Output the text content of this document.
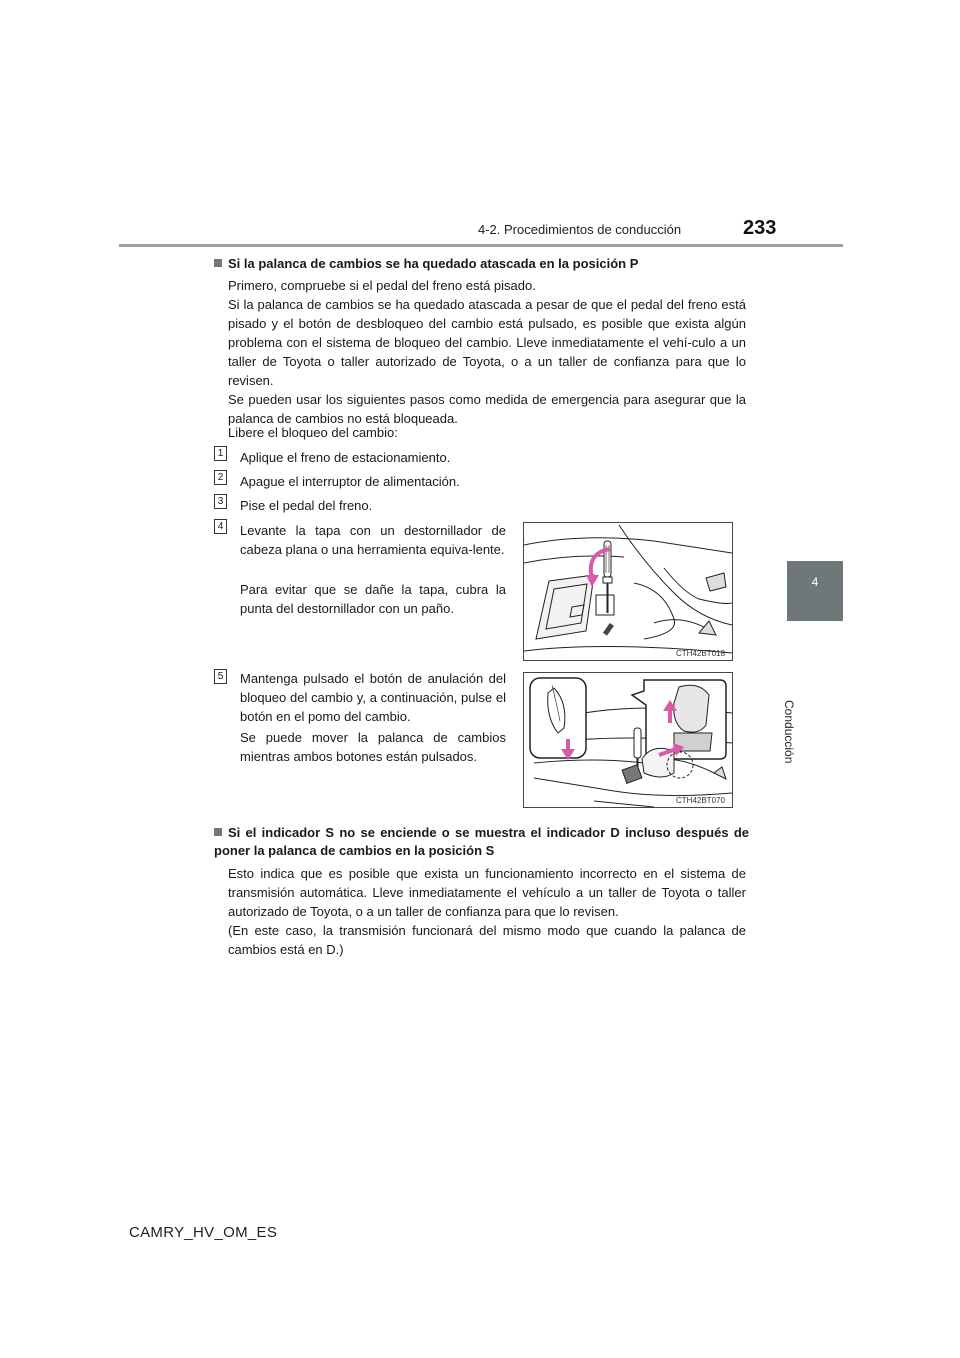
4-2. Procedimientos de conducción	233
4
Conducción
Si la palanca de cambios se ha quedado atascada en la posición P
Primero, compruebe si el pedal del freno está pisado.
Si la palanca de cambios se ha quedado atascada a pesar de que el pedal del freno está pisado y el botón de desbloqueo del cambio está pulsado, es posible que exista algún problema con el sistema de bloqueo del cambio. Lleve inmediatamente el vehí-culo a un taller de Toyota o taller autorizado de Toyota, o a un taller de confianza para que lo revisen.
Se pueden usar los siguientes pasos como medida de emergencia para asegurar que la palanca de cambios no está bloqueada.
Libere el bloqueo del cambio:
1 Aplique el freno de estacionamiento.
2 Apague el interruptor de alimentación.
3 Pise el pedal del freno.
4 Levante la tapa con un destornillador de cabeza plana o una herramienta equiva-lente.
Para evitar que se dañe la tapa, cubra la punta del destornillador con un paño.
CTH42BT018
5 Mantenga pulsado el botón de anulación del bloqueo del cambio y, a continuación, pulse el botón en el pomo del cambio.
Se puede mover la palanca de cambios mientras ambos botones están pulsados.
CTH42BT070
Si el indicador S no se enciende o se muestra el indicador D incluso después de poner la palanca de cambios en la posición S
Esto indica que es posible que exista un funcionamiento incorrecto en el sistema de transmisión automática. Lleve inmediatamente el vehículo a un taller de Toyota o taller autorizado de Toyota, o a un taller de confianza para que lo revisen.
(En este caso, la transmisión funcionará del mismo modo que cuando la palanca de cambios está en D.)
CAMRY_HV_OM_ES
